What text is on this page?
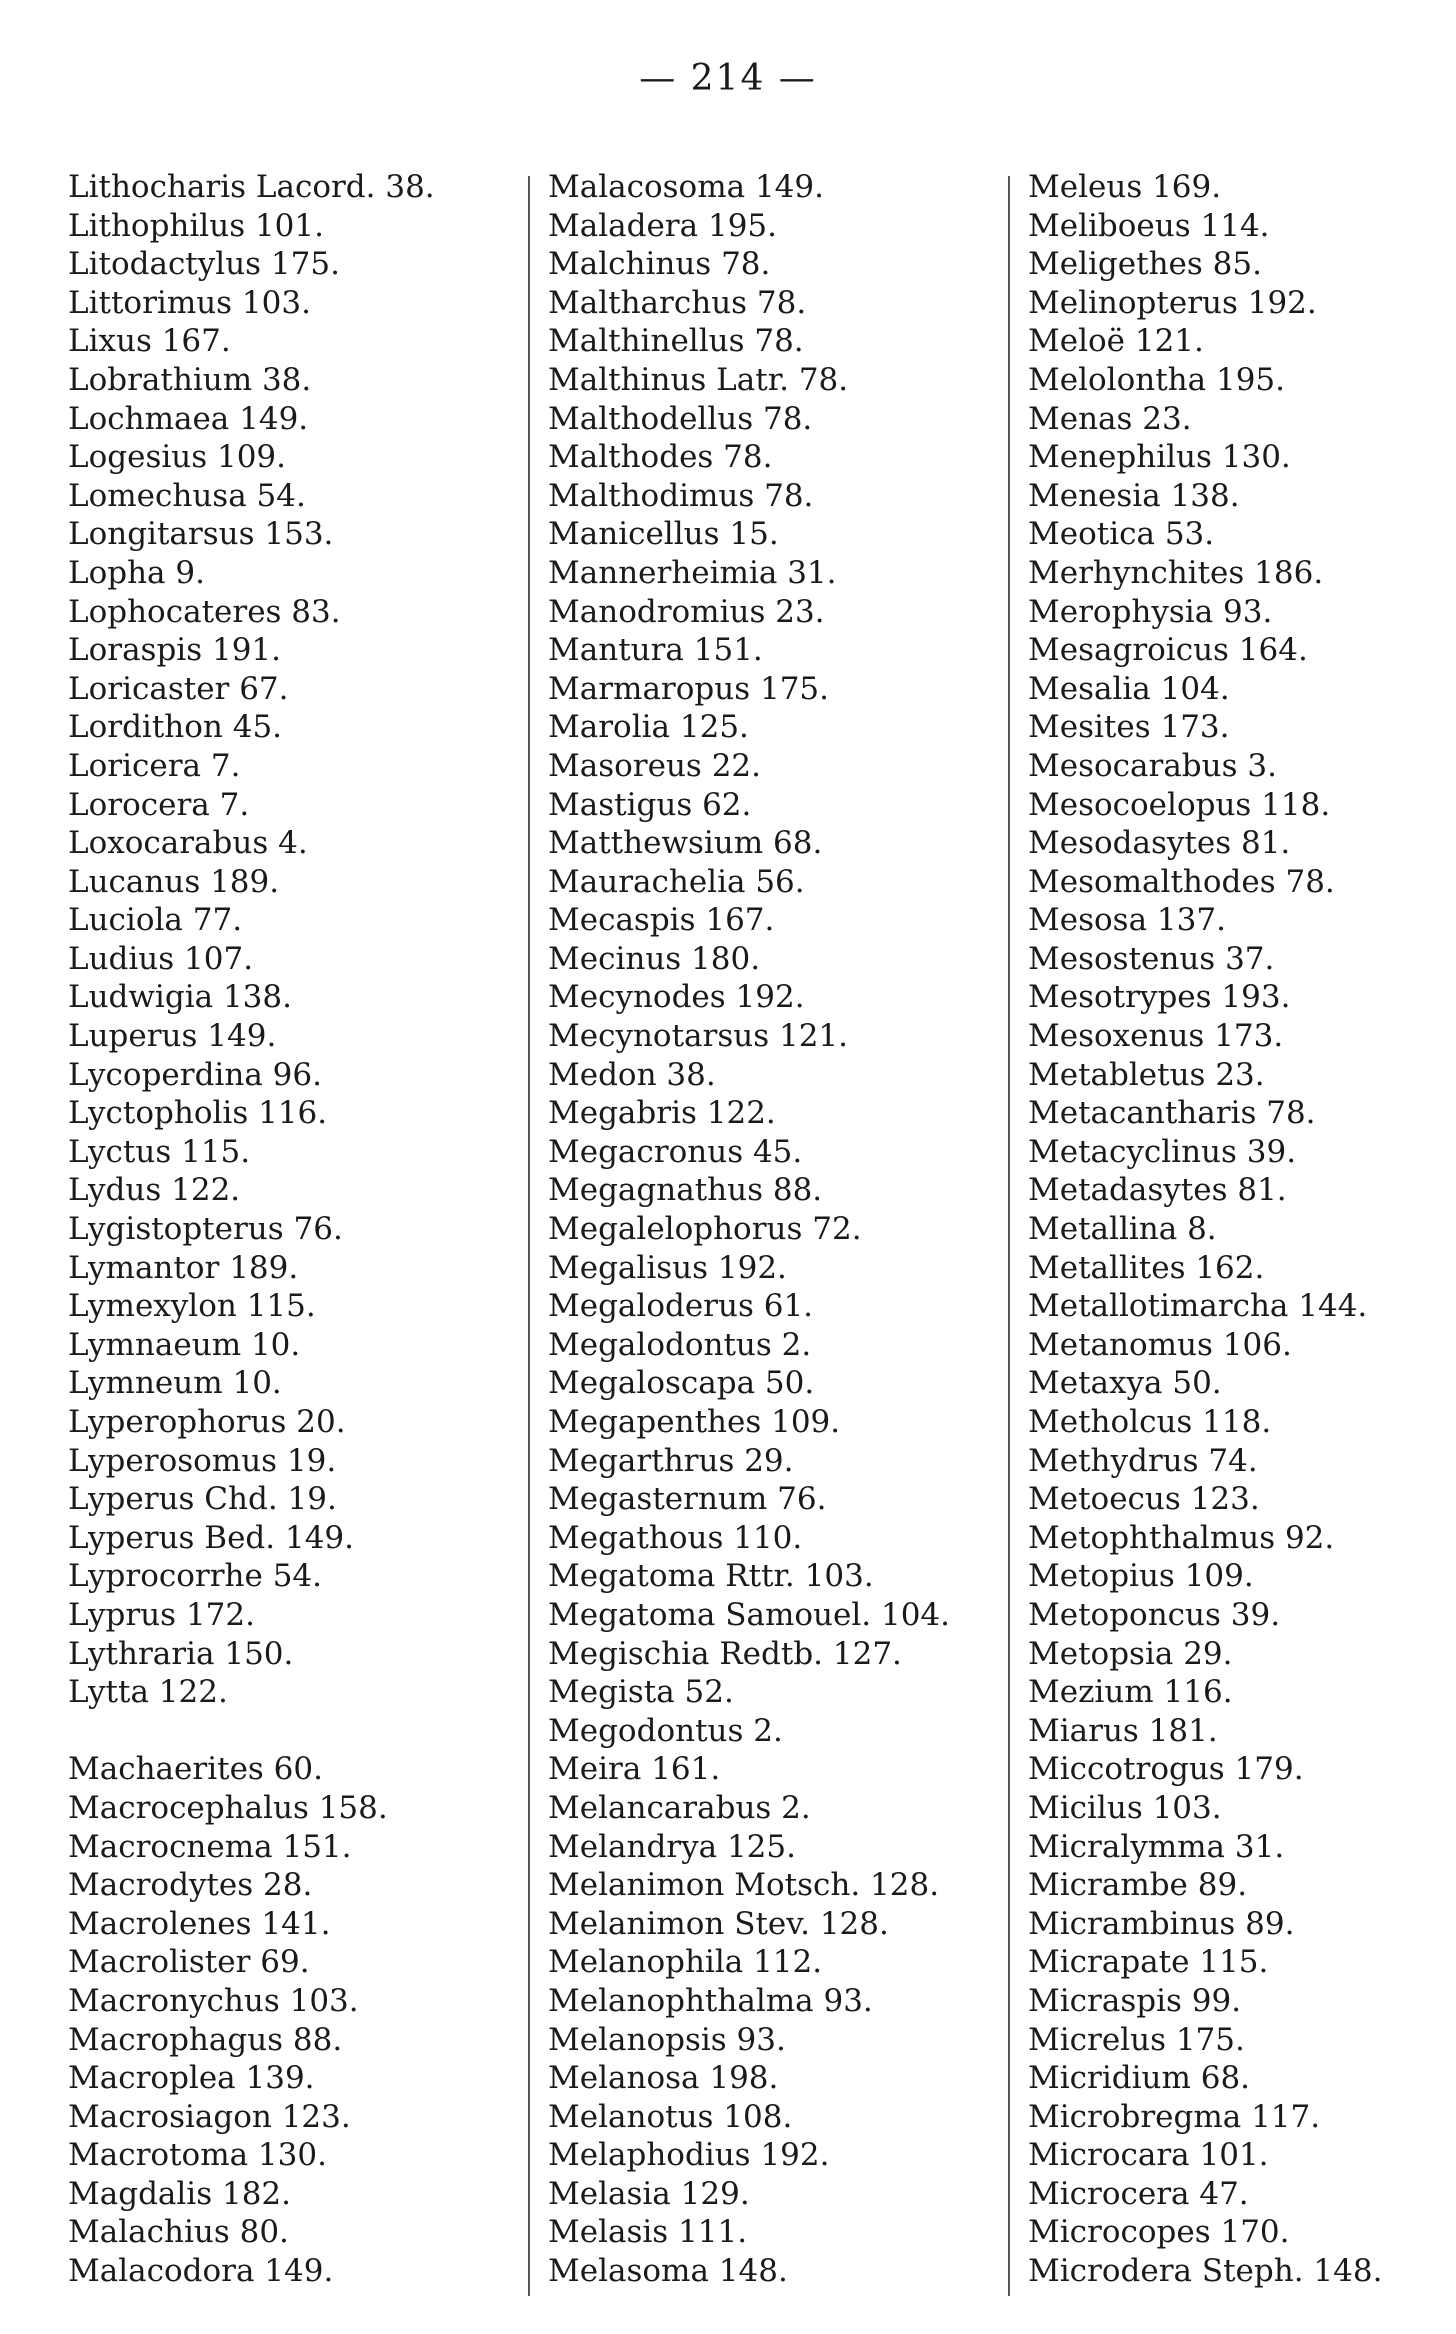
— 214 —
Lithocharis Lacord. 38.
Lithophilus 101.
Litodactylus 175.
Littorimus 103.
Lixus 167.
Lobrathium 38.
Lochmaea 149.
Logesius 109.
Lomechusa 54.
Longitarsus 153.
Lopha 9.
Lophocateres 83.
Loraspis 191.
Loricaster 67.
Lordithon 45.
Loricera 7.
Lorocera 7.
Loxocarabus 4.
Lucanus 189.
Luciola 77.
Ludius 107.
Ludwigia 138.
Luperus 149.
Lycoperdina 96.
Lyctopholis 116.
Lyctus 115.
Lydus 122.
Lygistopterus 76.
Lymantor 189.
Lymexylon 115.
Lymnaeum 10.
Lymneum 10.
Lyperophorus 20.
Lyperosomus 19.
Lyperus Chd. 19.
Lyperus Bed. 149.
Lyprocorrhe 54.
Lyprus 172.
Lythraria 150.
Lytta 122.
Machaerites 60.
Macrocephalus 158.
Macrocnema 151.
Macrodytes 28.
Macrolenes 141.
Macrolister 69.
Macronychus 103.
Macrophagus 88.
Macroplea 139.
Macrosiagon 123.
Macrotoma 130.
Magdalis 182.
Malachius 80.
Malacodora 149.
Malacosoma 149.
Maladera 195.
Malchinus 78.
Maltharchus 78.
Malthinellus 78.
Malthinus Latr. 78.
Malthodellus 78.
Malthodes 78.
Malthodimus 78.
Manicellus 15.
Mannerheimia 31.
Manodromius 23.
Mantura 151.
Marmaropus 175.
Marolia 125.
Masoreus 22.
Mastigus 62.
Matthewsium 68.
Maurachelia 56.
Mecaspis 167.
Mecinus 180.
Mecynodes 192.
Mecynotarsus 121.
Medon 38.
Megabris 122.
Megacronus 45.
Megagnathus 88.
Megalelophorus 72.
Megalisus 192.
Megaloderus 61.
Megalodontus 2.
Megaloscapa 50.
Megapenthes 109.
Megarthrus 29.
Megasternum 76.
Megathous 110.
Megatoma Rttr. 103.
Megatoma Samouel. 104.
Megischia Redtb. 127.
Megista 52.
Megodontus 2.
Meira 161.
Melancarabus 2.
Melandrya 125.
Melanimon Motsch. 128.
Melanimon Stev. 128.
Melanophila 112.
Melanophthalma 93.
Melanopsis 93.
Melanosa 198.
Melanotus 108.
Melaphodius 192.
Melasia 129.
Melasis 111.
Melasoma 148.
Meleus 169.
Meliboeus 114.
Meligethes 85.
Melinopterus 192.
Meloë 121.
Melolontha 195.
Menas 23.
Menephilus 130.
Menesia 138.
Meotica 53.
Merhynchites 186.
Merophysia 93.
Mesagroicus 164.
Mesalia 104.
Mesites 173.
Mesocarabus 3.
Mesocoelopus 118.
Mesodasytes 81.
Mesomalthodes 78.
Mesosa 137.
Mesostenus 37.
Mesotrypes 193.
Mesoxenus 173.
Metabletus 23.
Metacantharis 78.
Metacyclinus 39.
Metadasytes 81.
Metallina 8.
Metallites 162.
Metallotimarcha 144.
Metanomus 106.
Metaxya 50.
Metholcus 118.
Methydrus 74.
Metoecus 123.
Metophthalmus 92.
Metopius 109.
Metoponcus 39.
Metopsia 29.
Mezium 116.
Miarus 181.
Miccotrogus 179.
Micilus 103.
Micralymma 31.
Micrambe 89.
Micrambinus 89.
Micrapate 115.
Micraspis 99.
Micrelus 175.
Micridium 68.
Microbregma 117.
Microcara 101.
Microcera 47.
Microcopes 170.
Microdera Steph. 148.
